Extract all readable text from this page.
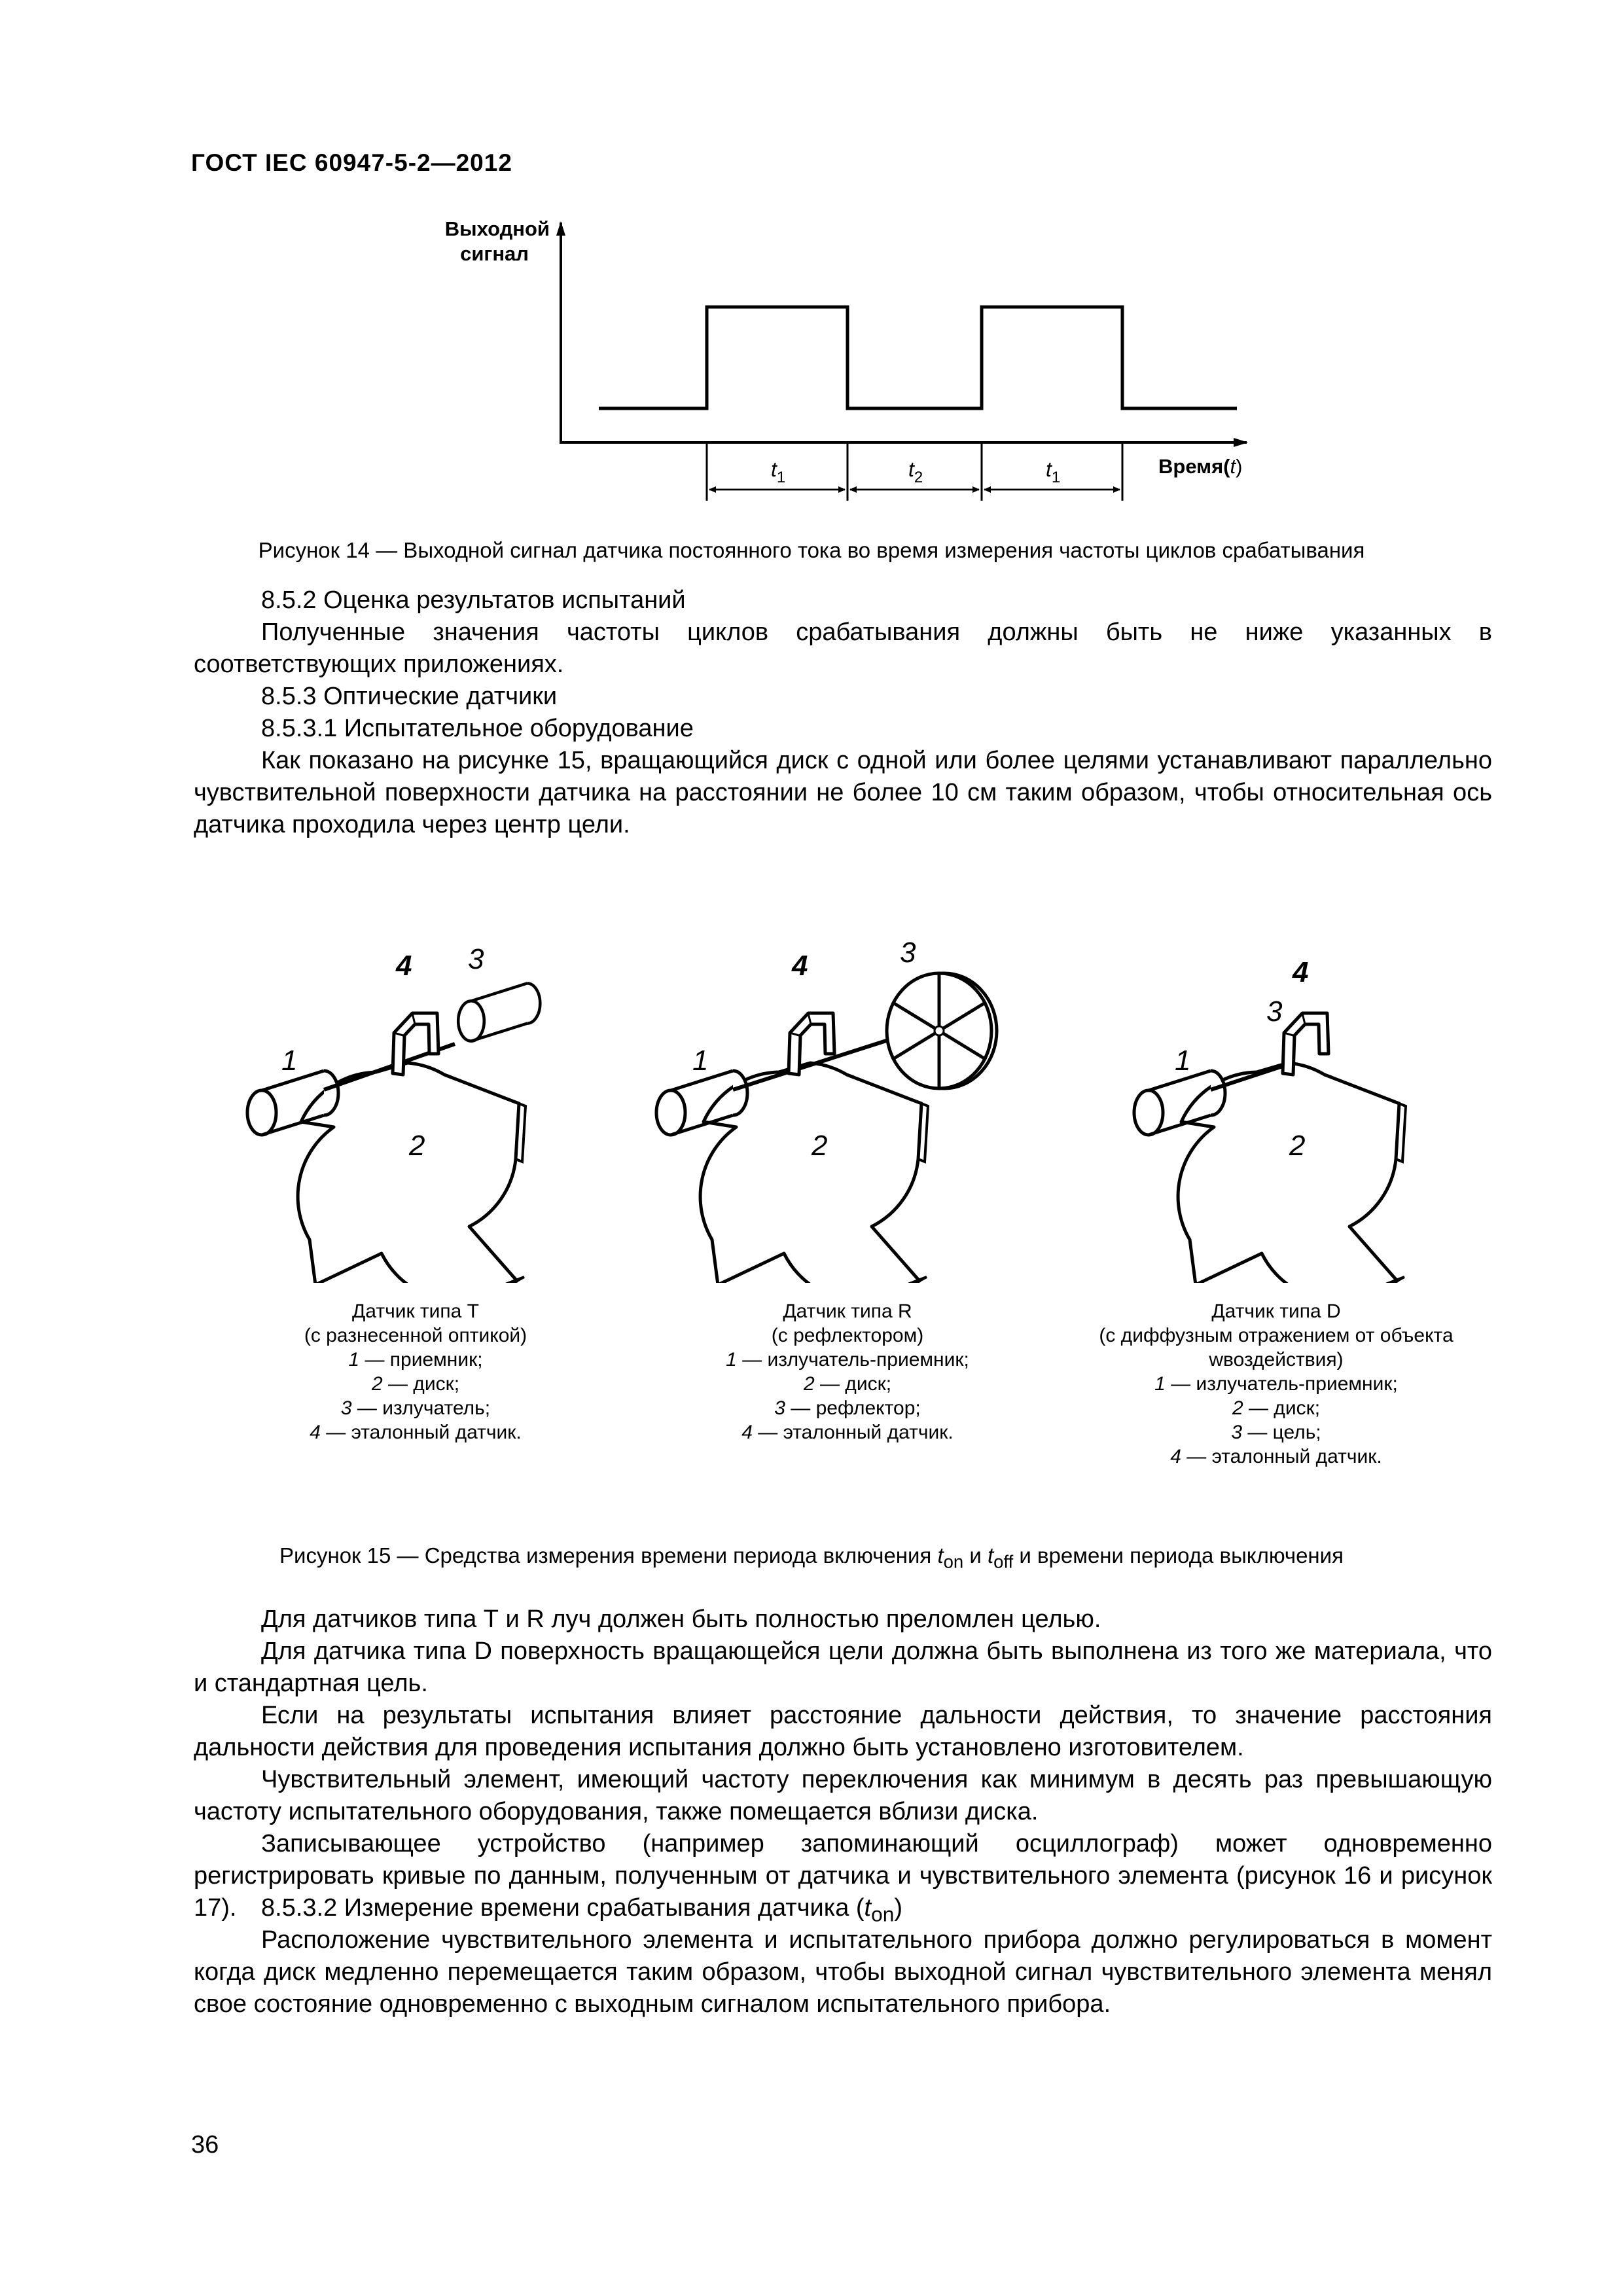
ГОСТ IEC 60947-5-2—2012
Выходной
сигнал
$t_1$	$t_2$	$t_1$	Время(t)
Рисунок 14 — Выходной сигнал датчика постоянного тока во время измерения частоты циклов срабатывания
8.5.2 Оценка результатов испытаний
Полученные значения частоты циклов срабатывания должны быть не ниже указанных в соответствующих приложениях.
8.5.3 Оптические датчики
8.5.3.1 Испытательное оборудование
Как показано на рисунке 15, вращающийся диск с одной или более целями устанавливают параллельно чувствительной поверхности датчика на расстоянии не более 10 см таким образом, чтобы относительная ось датчика проходила через центр цели.
1
2
3
4
1
2
3
4
1
2
3
4
Датчик типа Т
(с разнесенной оптикой)
1 — приемник;
2 — диск;
3 — излучатель;
4 — эталонный датчик.
Датчик типа R
(с рефлектором)
1 — излучатель-приемник;
2 — диск;
3 — рефлектор;
4 — эталонный датчик.
Датчик типа D
(с диффузным отражением от объекта
wвоздействия)
1 — излучатель-приемник;
2 — диск;
3 — цель;
4 — эталонный датчик.
Рисунок 15 — Средства измерения времени периода включения $t_{on}$ и $t_{off}$ и времени периода выключения
Для датчиков типа Т и R луч должен быть полностью преломлен целью.
Для датчика типа D поверхность вращающейся цели должна быть выполнена из того же материала, что и стандартная цель.
Если на результаты испытания влияет расстояние дальности действия, то значение расстояния дальности действия для проведения испытания должно быть установлено изготовителем.
Чувствительный элемент, имеющий частоту переключения как минимум в десять раз превышающую частоту испытательного оборудования, также помещается вблизи диска.
Записывающее устройство (например запоминающий осциллограф) может одновременно регистрировать кривые по данным, полученным от датчика и чувствительного элемента (рисунок 16 и рисунок 17). 8.5.3.2 Измерение времени срабатывания датчика $(t_{on})$
Расположение чувствительного элемента и испытательного прибора должно регулироваться в момент когда диск медленно перемещается таким образом, чтобы выходной сигнал чувствительного элемента менял свое состояние одновременно с выходным сигналом испытательного прибора.
36
